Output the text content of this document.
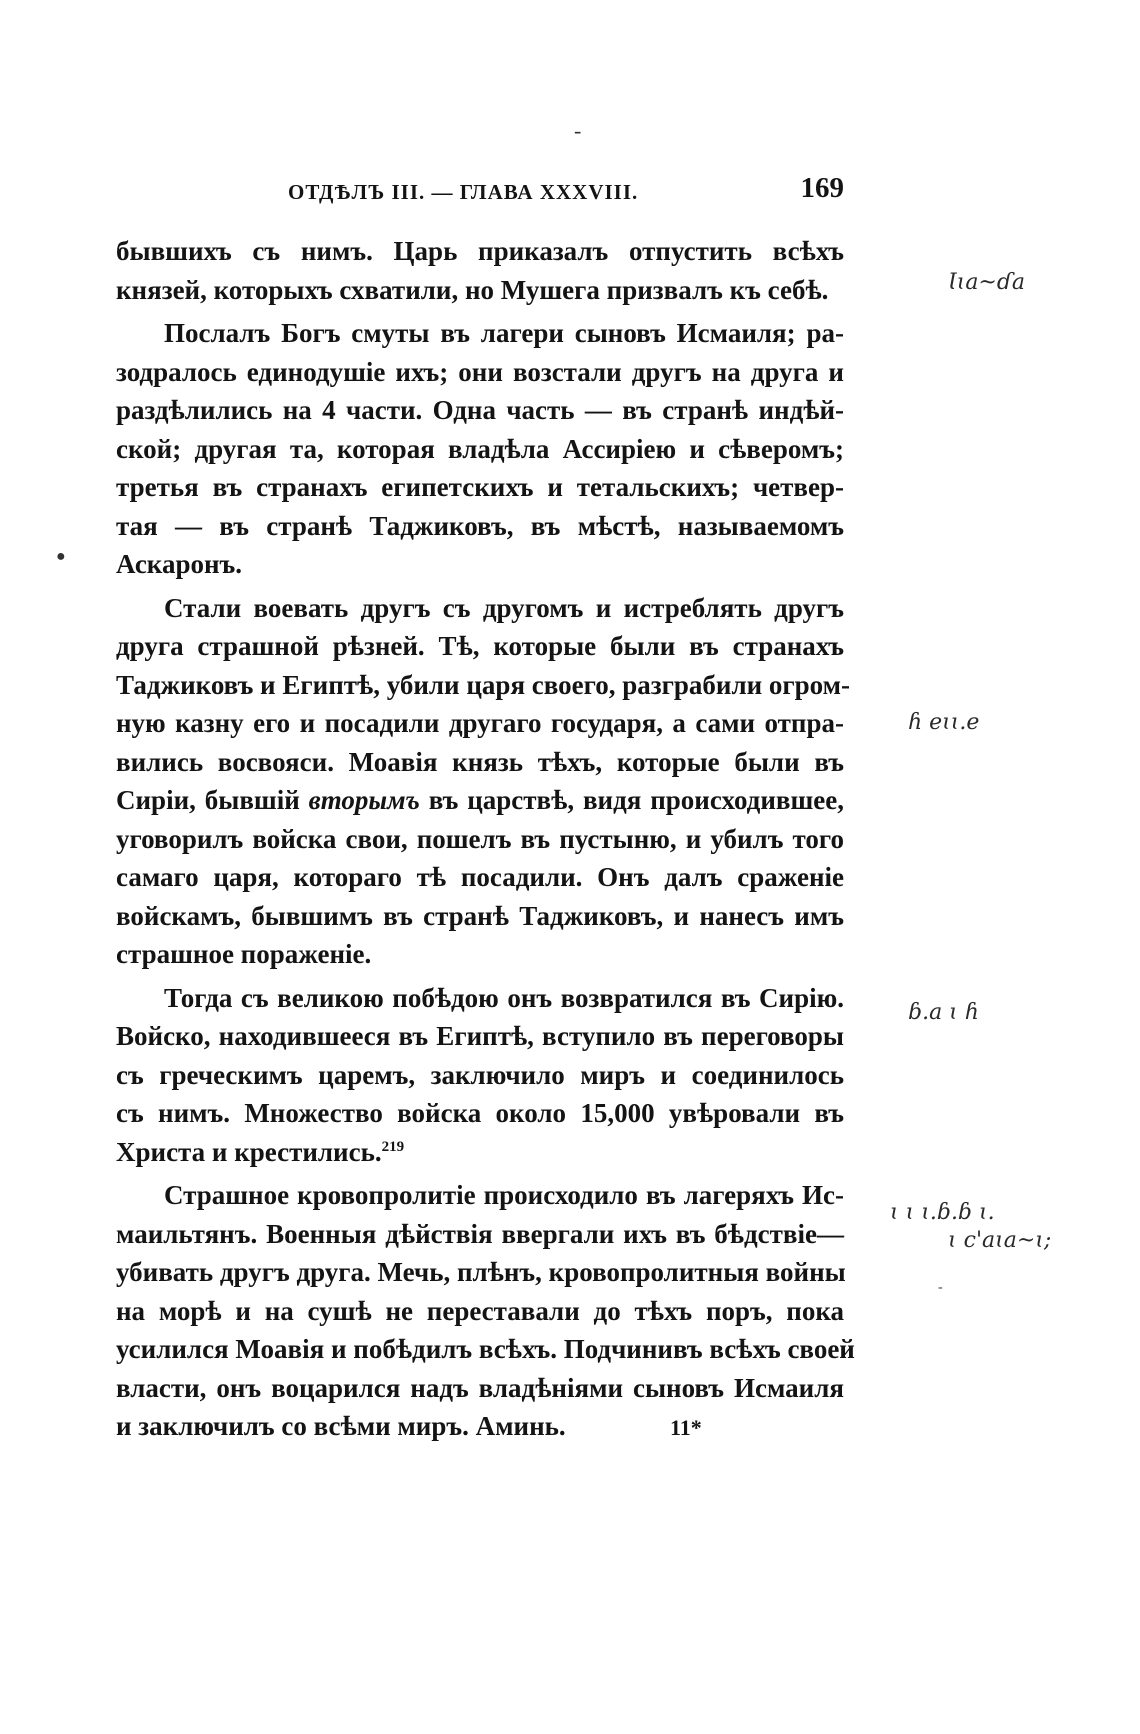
ОТДѢЛЪ III. — ГЛАВА XXXVIII.	169
бывшихъ съ нимъ. Царь приказалъ отпустить всѣхъ
князей, которыхъ схватили, но Мушега призвалъ къ себѣ.
Послалъ Богъ смуты въ лагери сыновъ Исмаиля; ра-
зодралось единодушіе ихъ; они возстали другъ на друга и
раздѣлились на 4 части. Одна часть — въ странѣ индѣй-
ской; другая та, которая владѣла Ассиріею и сѣверомъ;
третья въ странахъ египетскихъ и тетальскихъ; четвер-
тая — въ странѣ Таджиковъ, въ мѣстѣ, называемомъ
Аскаронъ.
Стали воевать другъ съ другомъ и истреблять другъ
друга страшной рѣзней. Тѣ, которые были въ странахъ
Таджиковъ и Египтѣ, убили царя своего, разграбили огром-
ную казну его и посадили другаго государя, а сами отпра-
вились восвояси. Моавія князь тѣхъ, которые были въ
Сиріи, бывшій вторымъ въ царствѣ, видя происходившее,
уговорилъ войска свои, пошелъ въ пустыню, и убилъ того
самаго царя, котораго тѣ посадили. Онъ далъ сраженіе
войскамъ, бывшимъ въ странѣ Таджиковъ, и нанесъ имъ
страшное пораженіе.
Тогда съ великою побѣдою онъ возвратился въ Сирію.
Войско, находившееся въ Египтѣ, вступило въ переговоры
съ греческимъ царемъ, заключило миръ и соединилось
съ нимъ. Множество войска около 15,000 увѣровали въ
Христа и крестились.$^{219}$
Страшное кровопролитіе происходило въ лагеряхъ Ис-
маильтянъ. Военныя дѣйствія ввергали ихъ въ бѣдствіе—
убивать другъ друга. Мечь, плѣнъ, кровопролитныя войны
на морѣ и на сушѣ не переставали до тѣхъ поръ, пока
усилился Моавія и побѣдилъ всѣхъ. Подчинивъ всѣхъ своей
власти, онъ воцарился надъ владѣніями сыновъ Исмаиля
и заключилъ со всѣми миръ. Аминь.	11*
Ɩɩa~ɗa
ɦ eɩɩ.e
ɓ.a ɩ ɦ
ɩ ɩ ɩ.ɓ.ɓ ɩ.
ɩ c'aɩa~ɩ;
-
●
-
